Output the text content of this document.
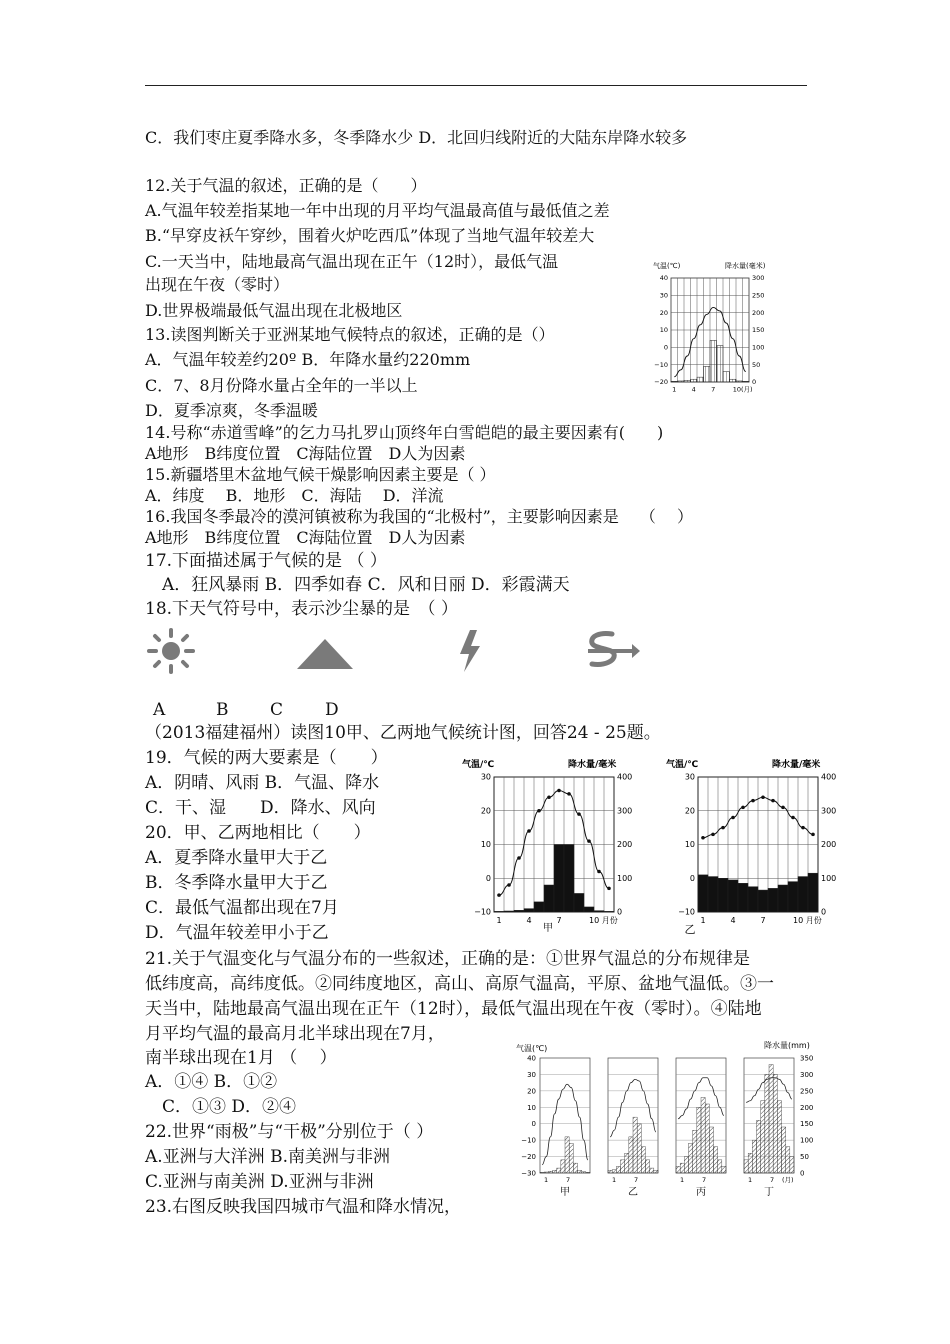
C．我们枣庄夏季降水多，冬季降水少 D．北回归线附近的大陆东岸降水较多
12.关于气温的叙述，正确的是（　　）
A.气温年较差指某地一年中出现的月平均气温最高值与最低值之差
B.“早穿皮袄午穿纱，围着火炉吃西瓜”体现了当地气温年较差大
C.一天当中，陆地最高气温出现在正午（12时），最低气温
出现在午夜（零时）
D.世界极端最低气温出现在北极地区
13.读图判断关于亚洲某地气候特点的叙述，正确的是（）
A．气温年较差约20º B．年降水量约220mm
C．7、8月份降水量占全年的一半以上
D．夏季凉爽，冬季温暖
14.号称“赤道雪峰”的乞力马扎罗山顶终年白雪皑皑的最主要因素有(　　)
A地形　B纬度位置　C海陆位置　D人为因素
15.新疆塔里木盆地气候干燥影响因素主要是（ ）
A．纬度　 B．地形　C．海陆　 D．洋流
16.我国冬季最冷的漠河镇被称为我国的“北极村”，主要影响因素是　 （　 ）
A地形　B纬度位置　C海陆位置　D人为因素
17.下面描述属于气候的是 （ ）
　A．狂风暴雨 B．四季如春 C．风和日丽 D．彩霞满天
18.下天气符号中，表示沙尘暴的是　（ ）
A	B C D
（2013福建福州）读图10甲、乙两地气候统计图，回答24 - 25题。
19．气候的两大要素是（　　）
A．阴晴、风雨 B．气温、降水
C．干、湿　　D．降水、风向
20．甲、乙两地相比（　　）
A．夏季降水量甲大于乙
B．冬季降水量甲大于乙
C．最低气温都出现在7月
D．气温年较差甲小于乙
21.关于气温变化与气温分布的一些叙述，正确的是：①世界气温总的分布规律是
低纬度高，高纬度低。②同纬度地区，高山、高原气温高，平原、盆地气温低。③一
天当中，陆地最高气温出现在正午（12时），最低气温出现在午夜（零时）。④陆地
月平均气温的最高月北半球出现在7月，
南半球出现在1月 （　 ）
A．①④ B．①②
　C．①③ D．②④
22.世界“雨极”与“干极”分别位于（ ）
A.亚洲与大洋洲 B.南美洲与非洲
C.亚洲与南美洲 D.亚洲与非洲
23.右图反映我国四城市气温和降水情况，
气温(℃)	降水量(毫米)
40
30
20
10
0
−10
−20
300
250
200
150
100
50
0
1 4 7	10(月)
气温/℃	降水量/毫米
30
20
10
0
−10
400
300
200
100
0
1	4	7	10 月份
甲
气温/℃	降水量/毫米
30
20
10
0
−10
400
300
200
100
0
1	4	7	10 月份
乙
气温(℃)	降水量(mm)
40
30
20
10
0
−10
−20
−30
350
300
250
200
150
100
50
0
1	7
甲
1	7
乙
1	7
丙
1	7 (月)
丁
